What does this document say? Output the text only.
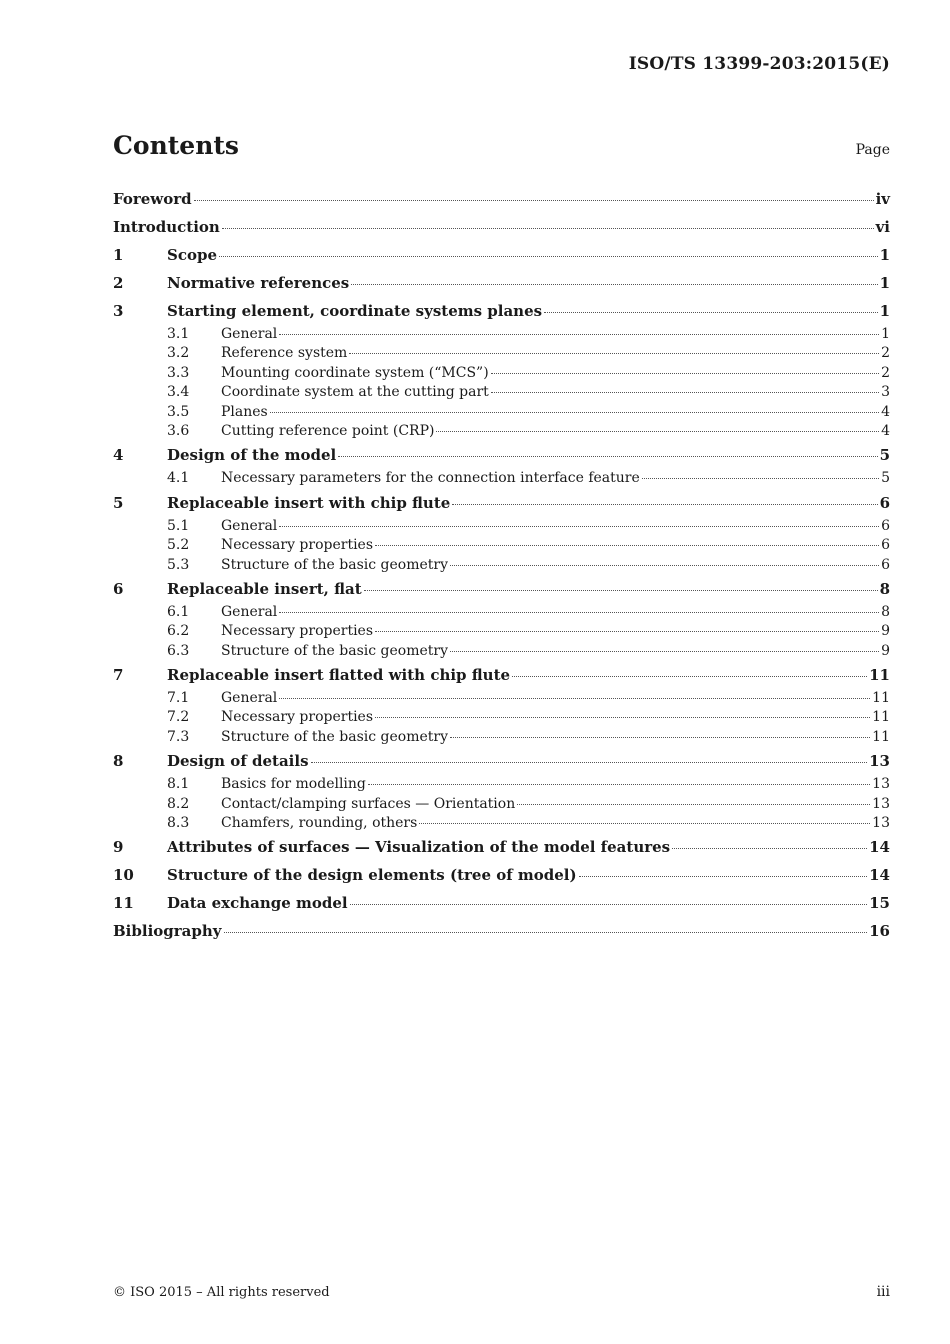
ISO/TS 13399-203:2015(E)
Contents	Page
Foreword	iv
Introduction	vi
1	Scope	1
2	Normative references	1
3	Starting element, coordinate systems planes	1
3.1	General	1
3.2	Reference system	2
3.3	Mounting coordinate system (“MCS”)	2
3.4	Coordinate system at the cutting part	3
3.5	Planes	4
3.6	Cutting reference point (CRP)	4
4	Design of the model	5
4.1	Necessary parameters for the connection interface feature	5
5	Replaceable insert with chip flute	6
5.1	General	6
5.2	Necessary properties	6
5.3	Structure of the basic geometry	6
6	Replaceable insert, flat	8
6.1	General	8
6.2	Necessary properties	9
6.3	Structure of the basic geometry	9
7	Replaceable insert flatted with chip flute	11
7.1	General	11
7.2	Necessary properties	11
7.3	Structure of the basic geometry	11
8	Design of details	13
8.1	Basics for modelling	13
8.2	Contact/clamping surfaces — Orientation	13
8.3	Chamfers, rounding, others	13
9	Attributes of surfaces — Visualization of the model features	14
10	Structure of the design elements (tree of model)	14
11	Data exchange model	15
Bibliography	16
© ISO 2015 – All rights reserved	iii
